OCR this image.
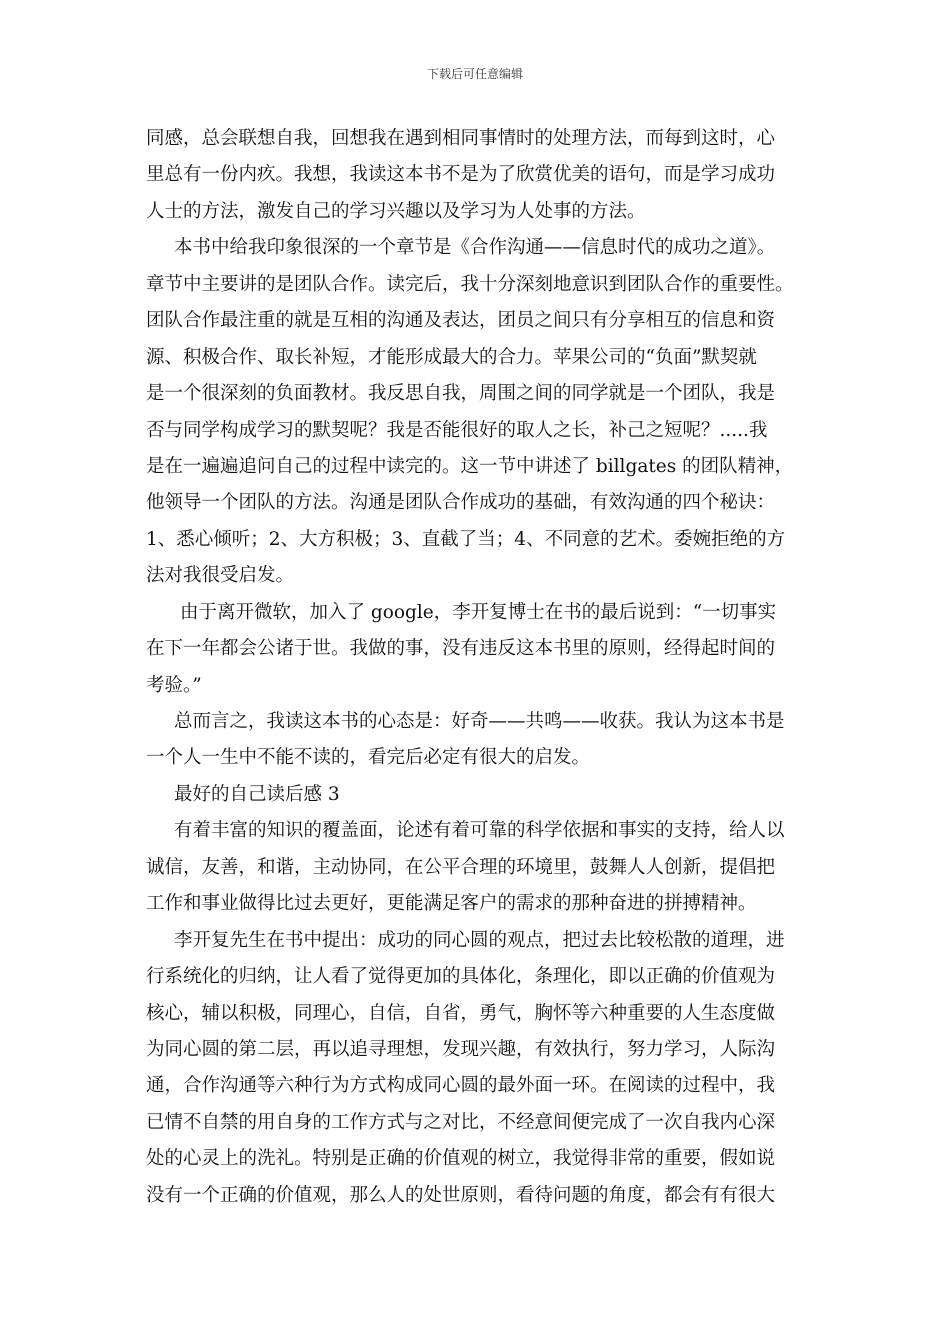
下载后可任意编辑
同感，总会联想自我，回想我在遇到相同事情时的处理方法，而每到这时，心
里总有一份内疚。我想，我读这本书不是为了欣赏优美的语句，而是学习成功
人士的方法，激发自己的学习兴趣以及学习为人处事的方法。
本书中给我印象很深的一个章节是《合作沟通——信息时代的成功之道》。
章节中主要讲的是团队合作。读完后，我十分深刻地意识到团队合作的重要性。
团队合作最注重的就是互相的沟通及表达，团员之间只有分享相互的信息和资
源、积极合作、取长补短，才能形成最大的合力。苹果公司的“负面”默契就
是一个很深刻的负面教材。我反思自我，周围之间的同学就是一个团队，我是
否与同学构成学习的默契呢？我是否能很好的取人之长，补己之短呢？.....我
是在一遍遍追问自己的过程中读完的。这一节中讲述了 billgates 的团队精神，
他领导一个团队的方法。沟通是团队合作成功的基础，有效沟通的四个秘诀：
1、悉心倾听；2、大方积极；3、直截了当；4、不同意的艺术。委婉拒绝的方
法对我很受启发。
由于离开微软，加入了 google，李开复博士在书的最后说到：“一切事实
在下一年都会公诸于世。我做的事，没有违反这本书里的原则，经得起时间的
考验。”
总而言之，我读这本书的心态是：好奇——共鸣——收获。我认为这本书是
一个人一生中不能不读的，看完后必定有很大的启发。
最好的自己读后感 3
有着丰富的知识的覆盖面，论述有着可靠的科学依据和事实的支持，给人以
诚信，友善，和谐，主动协同，在公平合理的环境里，鼓舞人人创新，提倡把
工作和事业做得比过去更好，更能满足客户的需求的那种奋进的拼搏精神。
李开复先生在书中提出：成功的同心圆的观点，把过去比较松散的道理，进
行系统化的归纳，让人看了觉得更加的具体化，条理化，即以正确的价值观为
核心，辅以积极，同理心，自信，自省，勇气，胸怀等六种重要的人生态度做
为同心圆的第二层，再以追寻理想，发现兴趣，有效执行，努力学习，人际沟
通，合作沟通等六种行为方式构成同心圆的最外面一环。在阅读的过程中，我
已情不自禁的用自身的工作方式与之对比，不经意间便完成了一次自我内心深
处的心灵上的洗礼。特别是正确的价值观的树立，我觉得非常的重要，假如说
没有一个正确的价值观，那么人的处世原则，看待问题的角度，都会有有很大
